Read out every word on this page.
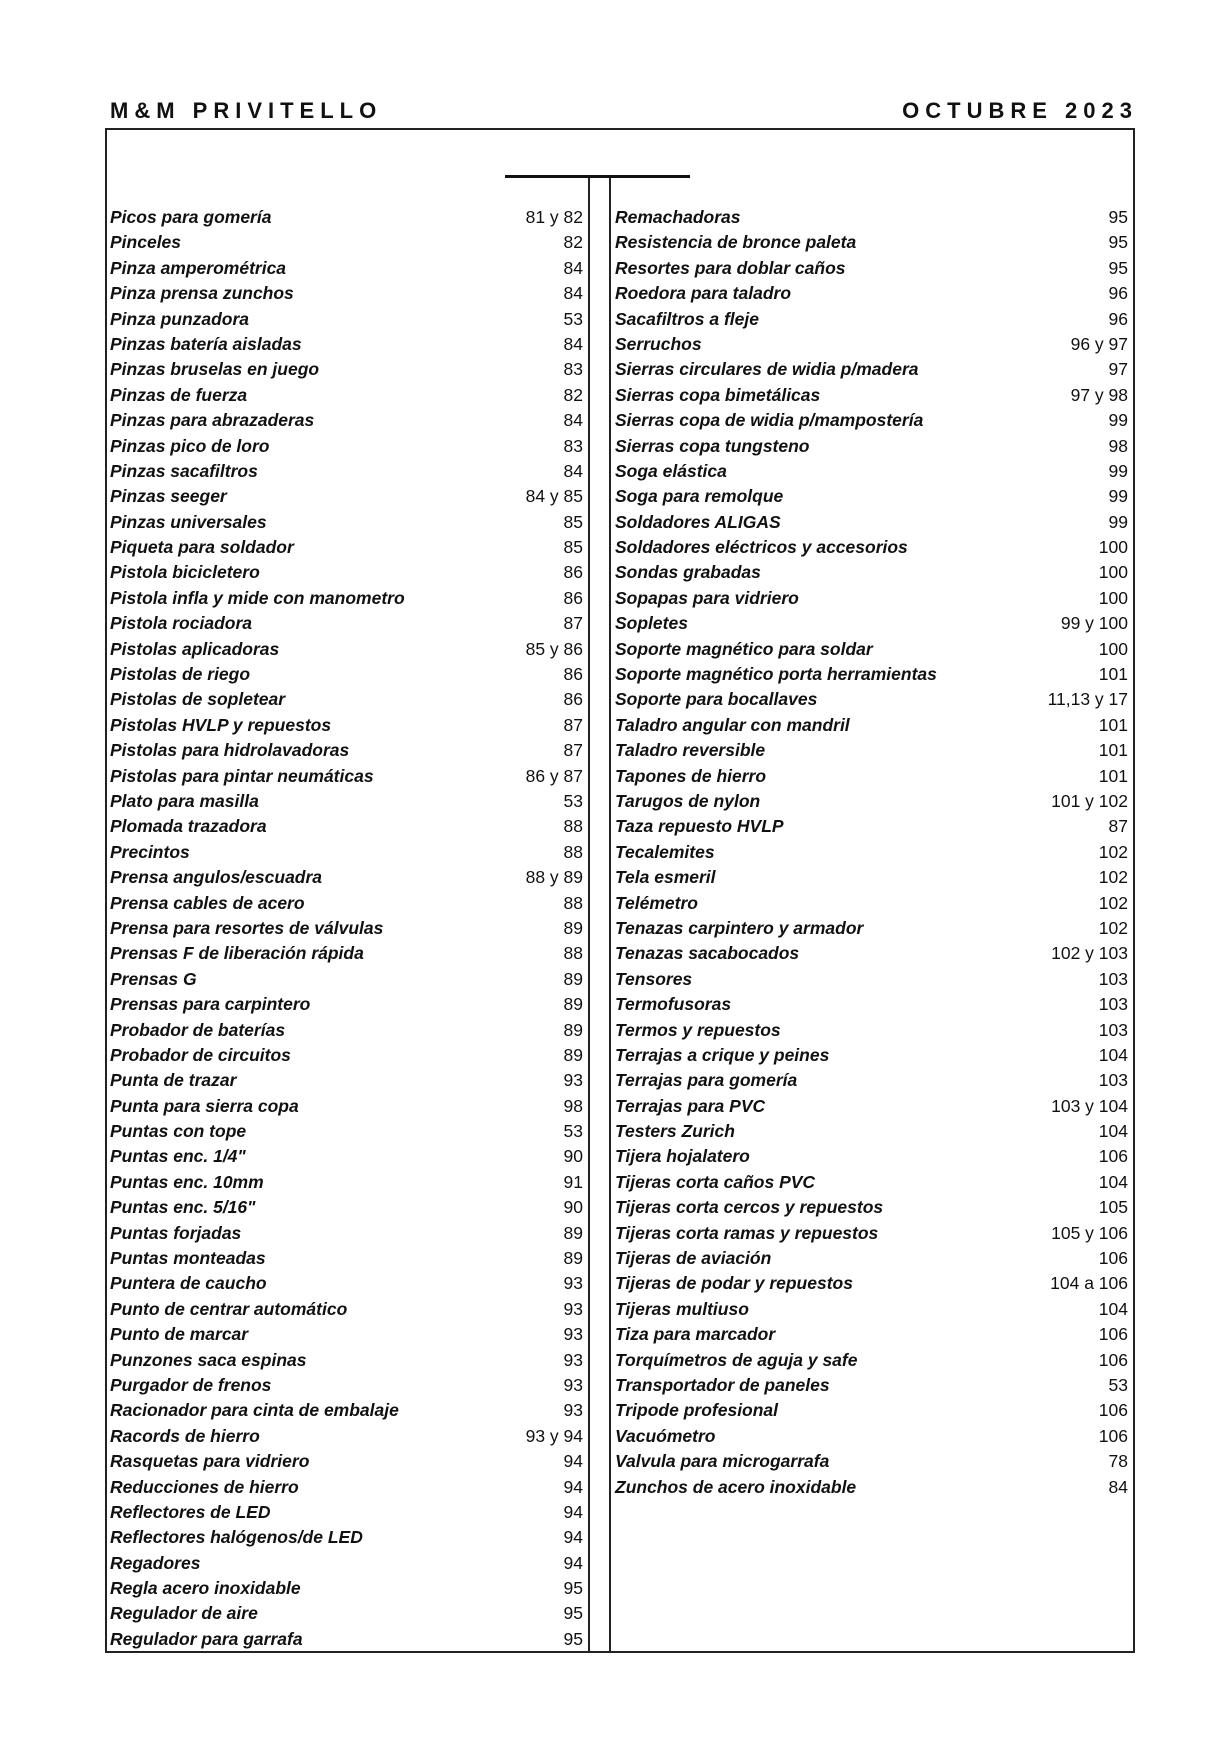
M&M PRIVITELLO	OCTUBRE 2023
Picos para gomería	81 y 82
Pinceles	82
Pinza amperométrica	84
Pinza prensa zunchos	84
Pinza punzadora	53
Pinzas batería aisladas	84
Pinzas bruselas en juego	83
Pinzas de fuerza	82
Pinzas para abrazaderas	84
Pinzas pico de loro	83
Pinzas sacafiltros	84
Pinzas seeger	84 y 85
Pinzas universales	85
Piqueta para soldador	85
Pistola bicicletero	86
Pistola infla y mide con manometro	86
Pistola rociadora	87
Pistolas aplicadoras	85 y 86
Pistolas de riego	86
Pistolas de sopletear	86
Pistolas HVLP y repuestos	87
Pistolas para hidrolavadoras	87
Pistolas para pintar neumáticas	86 y 87
Plato para masilla	53
Plomada trazadora	88
Precintos	88
Prensa angulos/escuadra	88 y 89
Prensa cables de acero	88
Prensa para resortes de válvulas	89
Prensas F de liberación rápida	88
Prensas G	89
Prensas para carpintero	89
Probador de baterías	89
Probador de circuitos	89
Punta de trazar	93
Punta para sierra copa	98
Puntas con tope	53
Puntas enc. 1/4"	90
Puntas enc. 10mm	91
Puntas enc. 5/16"	90
Puntas forjadas	89
Puntas monteadas	89
Puntera de caucho	93
Punto de centrar automático	93
Punto de marcar	93
Punzones saca espinas	93
Purgador de frenos	93
Racionador para cinta de embalaje	93
Racords de hierro	93 y 94
Rasquetas para vidriero	94
Reducciones de hierro	94
Reflectores de LED	94
Reflectores halógenos/de LED	94
Regadores	94
Regla acero inoxidable	95
Regulador de aire	95
Regulador para garrafa	95
Remachadoras	95
Resistencia de bronce paleta	95
Resortes para doblar caños	95
Roedora para taladro	96
Sacafiltros a fleje	96
Serruchos	96 y 97
Sierras circulares de widia p/madera	97
Sierras copa bimetálicas	97 y 98
Sierras copa de widia p/mampostería	99
Sierras copa tungsteno	98
Soga elástica	99
Soga para remolque	99
Soldadores ALIGAS	99
Soldadores eléctricos y accesorios	100
Sondas grabadas	100
Sopapas para vidriero	100
Sopletes	99 y 100
Soporte magnético para soldar	100
Soporte magnético porta herramientas	101
Soporte para bocallaves	11,13 y 17
Taladro angular con mandril	101
Taladro reversible	101
Tapones de hierro	101
Tarugos de nylon	101 y 102
Taza repuesto HVLP	87
Tecalemites	102
Tela esmeril	102
Telémetro	102
Tenazas carpintero y armador	102
Tenazas sacabocados	102 y 103
Tensores	103
Termofusoras	103
Termos y repuestos	103
Terrajas a crique y peines	104
Terrajas para gomería	103
Terrajas para PVC	103 y 104
Testers Zurich	104
Tijera hojalatero	106
Tijeras corta caños PVC	104
Tijeras corta cercos y repuestos	105
Tijeras corta ramas y repuestos	105 y 106
Tijeras de aviación	106
Tijeras de podar y repuestos	104 a 106
Tijeras multiuso	104
Tiza para marcador	106
Torquímetros de aguja y safe	106
Transportador de paneles	53
Tripode profesional	106
Vacuómetro	106
Valvula para microgarrafa	78
Zunchos de acero inoxidable	84
